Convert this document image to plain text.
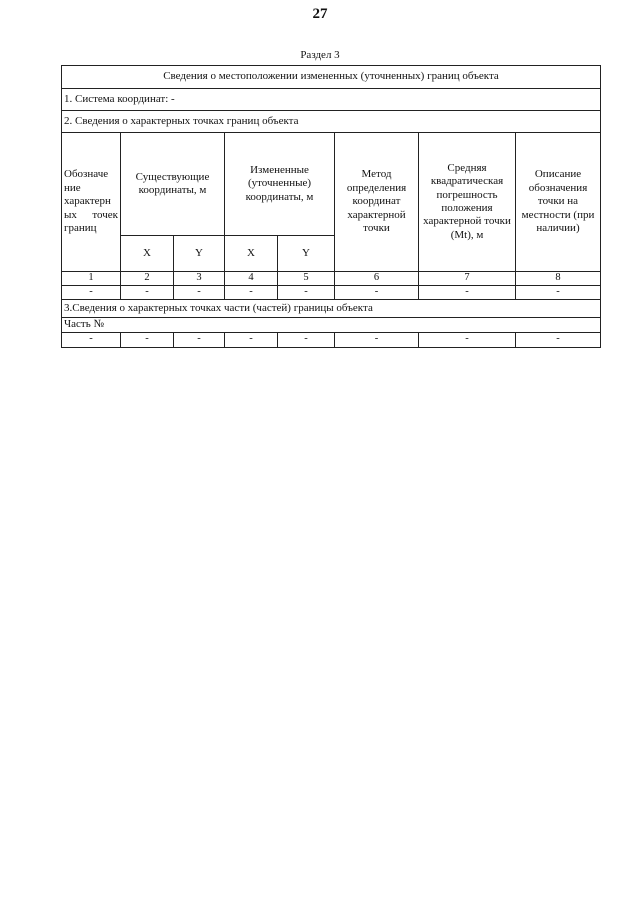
27
Раздел 3
Сведения о местоположении измененных (уточненных) границ объекта							
1. Система координат: -							
2. Сведения о характерных точках границ объекта							
Обозначе ние характерн ых точек границ	Существующие координаты, м		Измененные (уточненные) координаты, м		Метод определения координат характерной точки	Средняя квадратическая погрешность положения характерной точки (Mt), м	Описание обозначения точки на местности (при наличии)
	X	Y	X	Y			
1	2	3	4	5	6	7	8
-	-	-	-	-	-	-	-
3.Сведения о характерных точках части (частей) границы объекта							
Часть №							
-	-	-	-	-	-	-	-
